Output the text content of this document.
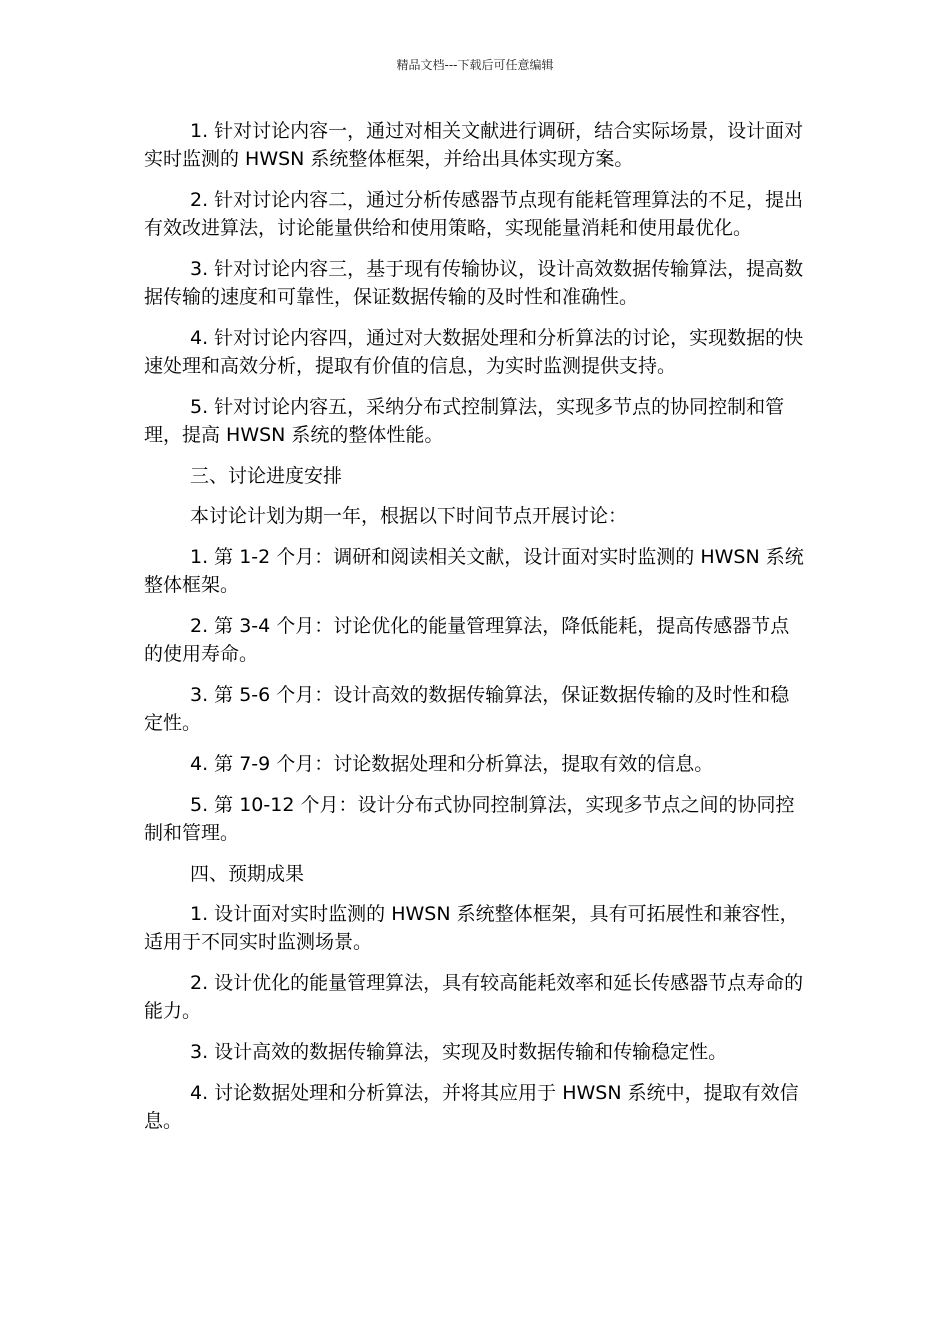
精品文档---下载后可任意编辑

1. 针对讨论内容一，通过对相关文献进行调研，结合实际场景，设计面对实时监测的 HWSN 系统整体框架，并给出具体实现方案。

2. 针对讨论内容二，通过分析传感器节点现有能耗管理算法的不足，提出有效改进算法，讨论能量供给和使用策略，实现能量消耗和使用最优化。

3. 针对讨论内容三，基于现有传输协议，设计高效数据传输算法，提高数据传输的速度和可靠性，保证数据传输的及时性和准确性。

4. 针对讨论内容四，通过对大数据处理和分析算法的讨论，实现数据的快速处理和高效分析，提取有价值的信息，为实时监测提供支持。

5. 针对讨论内容五，采纳分布式控制算法，实现多节点的协同控制和管理，提高 HWSN 系统的整体性能。

三、讨论进度安排

本讨论计划为期一年，根据以下时间节点开展讨论：

1. 第 1-2 个月：调研和阅读相关文献，设计面对实时监测的 HWSN 系统整体框架。

2. 第 3-4 个月：讨论优化的能量管理算法，降低能耗，提高传感器节点的使用寿命。

3. 第 5-6 个月：设计高效的数据传输算法，保证数据传输的及时性和稳定性。

4. 第 7-9 个月：讨论数据处理和分析算法，提取有效的信息。

5. 第 10-12 个月：设计分布式协同控制算法，实现多节点之间的协同控制和管理。

四、预期成果

1. 设计面对实时监测的 HWSN 系统整体框架，具有可拓展性和兼容性，适用于不同实时监测场景。

2. 设计优化的能量管理算法，具有较高能耗效率和延长传感器节点寿命的能力。

3. 设计高效的数据传输算法，实现及时数据传输和传输稳定性。

4. 讨论数据处理和分析算法，并将其应用于 HWSN 系统中，提取有效信息。
